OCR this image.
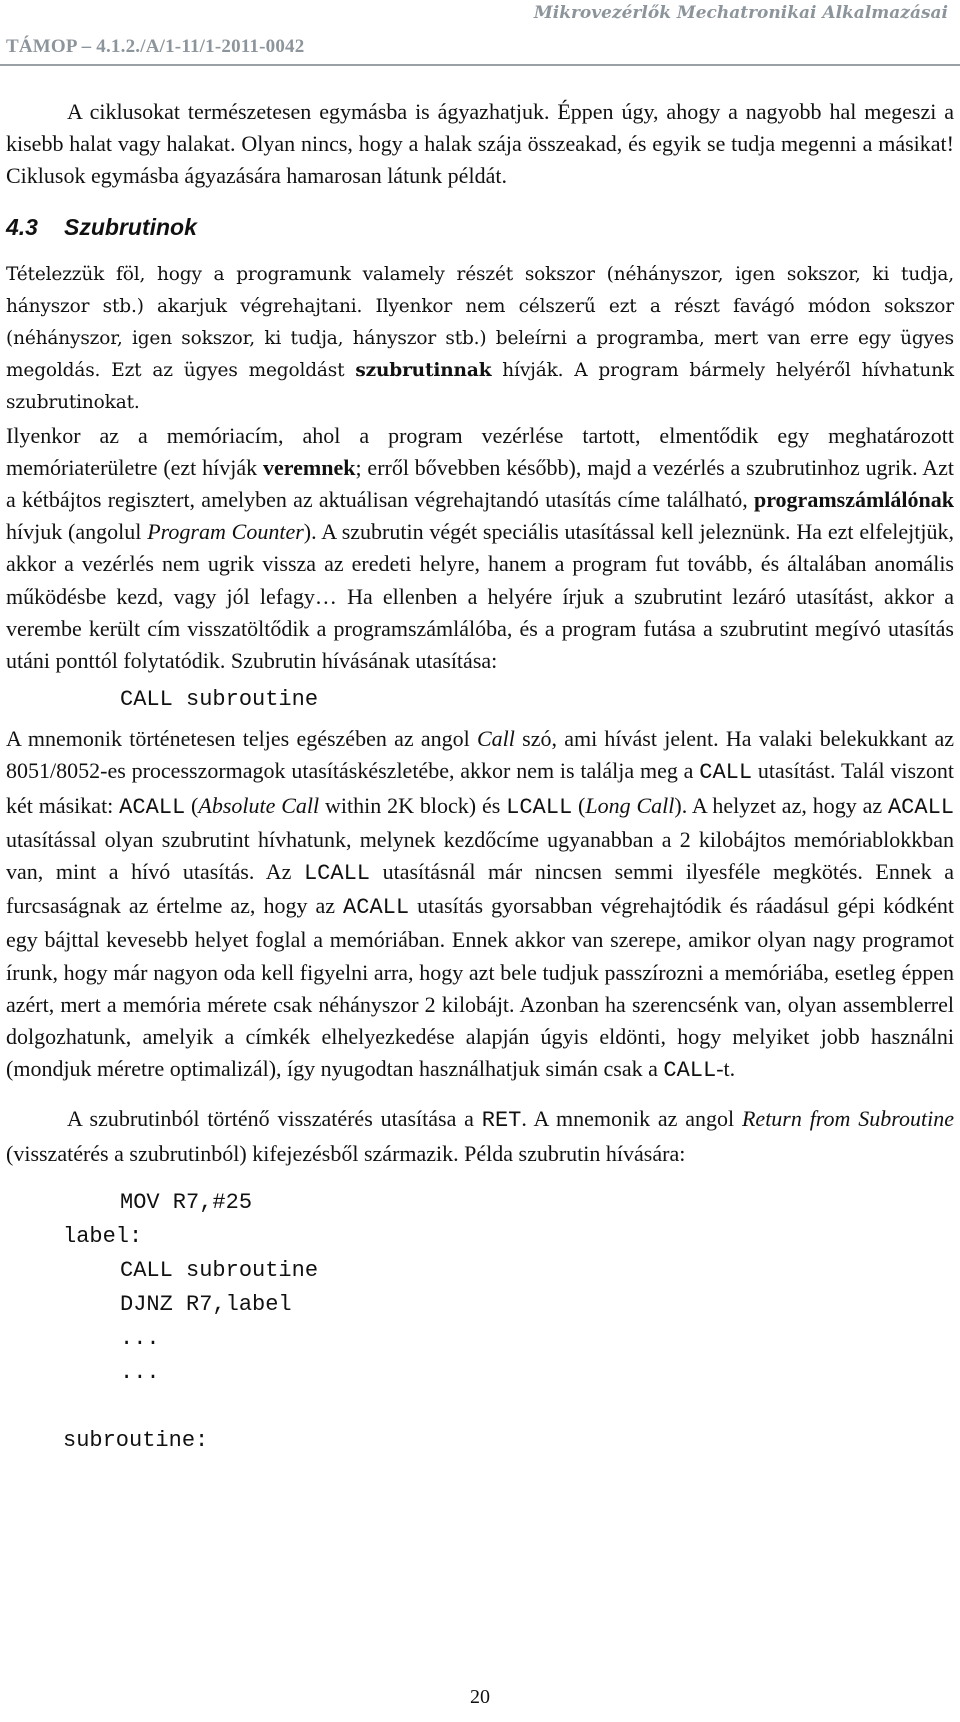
TÁMOP – 4.1.2./A/1-11/1-2011-0042
Mikrovezérlők Mechatronikai Alkalmazásai

A ciklusokat természetesen egymásba is ágyazhatjuk. Éppen úgy, ahogy a nagyobb hal megeszi a kisebb halat vagy halakat. Olyan nincs, hogy a halak szája összeakad, és egyik se tudja megenni a másikat! Ciklusok egymásba ágyazására hamarosan látunk példát.

4.3 Szubrutinok

Tételezzük föl, hogy a programunk valamely részét sokszor (néhányszor, igen sokszor, ki tudja, hányszor stb.) akarjuk végrehajtani. Ilyenkor nem célszerű ezt a részt favágó módon sokszor (néhányszor, igen sokszor, ki tudja, hányszor stb.) beleírni a programba, mert van erre egy ügyes megoldás. Ezt az ügyes megoldást szubrutinnak hívják. A program bármely helyéről hívhatunk szubrutinokat.

Ilyenkor az a memóriacím, ahol a program vezérlése tartott, elmentődik egy meghatározott memóriaterületre (ezt hívják veremnek; erről bővebben később), majd a vezérlés a szubrutinhoz ugrik. Azt a kétbájtos regisztert, amelyben az aktuálisan végrehajtandó utasítás címe található, programszámlálónak hívjuk (angolul Program Counter). A szubrutin végét speciális utasítással kell jeleznünk. Ha ezt elfelejtjük, akkor a vezérlés nem ugrik vissza az eredeti helyre, hanem a program fut tovább, és általában anomális működésbe kezd, vagy jól lefagy… Ha ellenben a helyére írjuk a szubrutint lezáró utasítást, akkor a verembe került cím visszatöltődik a programszámlálóba, és a program futása a szubrutint megívó utasítás utáni ponttól folytatódik. Szubrutin hívásának utasítása:

CALL subroutine

A mnemonik történetesen teljes egészében az angol Call szó, ami hívást jelent. Ha valaki belekukkant az 8051/8052-es processzormagok utasításkészletébe, akkor nem is találja meg a CALL utasítást. Talál viszont két másikat: ACALL (Absolute Call within 2K block) és LCALL (Long Call). A helyzet az, hogy az ACALL utasítással olyan szubrutint hívhatunk, melynek kezdőcíme ugyanabban a 2 kilobájtos memóriablokkban van, mint a hívó utasítás. Az LCALL utasításnál már nincsen semmi ilyesféle megkötés. Ennek a furcsaságnak az értelme az, hogy az ACALL utasítás gyorsabban végrehajtódik és ráadásul gépi kódként egy bájttal kevesebb helyet foglal a memóriában. Ennek akkor van szerepe, amikor olyan nagy programot írunk, hogy már nagyon oda kell figyelni arra, hogy azt bele tudjuk passzírozni a memóriába, esetleg éppen azért, mert a memória mérete csak néhányszor 2 kilobájt. Azonban ha szerencsénk van, olyan assemblerrel dolgozhatunk, amelyik a címkék elhelyezkedése alapján úgyis eldönti, hogy melyiket jobb használni (mondjuk méretre optimalizál), így nyugodtan használhatjuk simán csak a CALL-t.

A szubrutinból történő visszatérés utasítása a RET. A mnemonik az angol Return from Subroutine (visszatérés a szubrutinból) kifejezésből származik. Példa szubrutin hívására:

MOV R7,#25
label:
CALL subroutine
DJNZ R7,label
...
...
subroutine:
20
